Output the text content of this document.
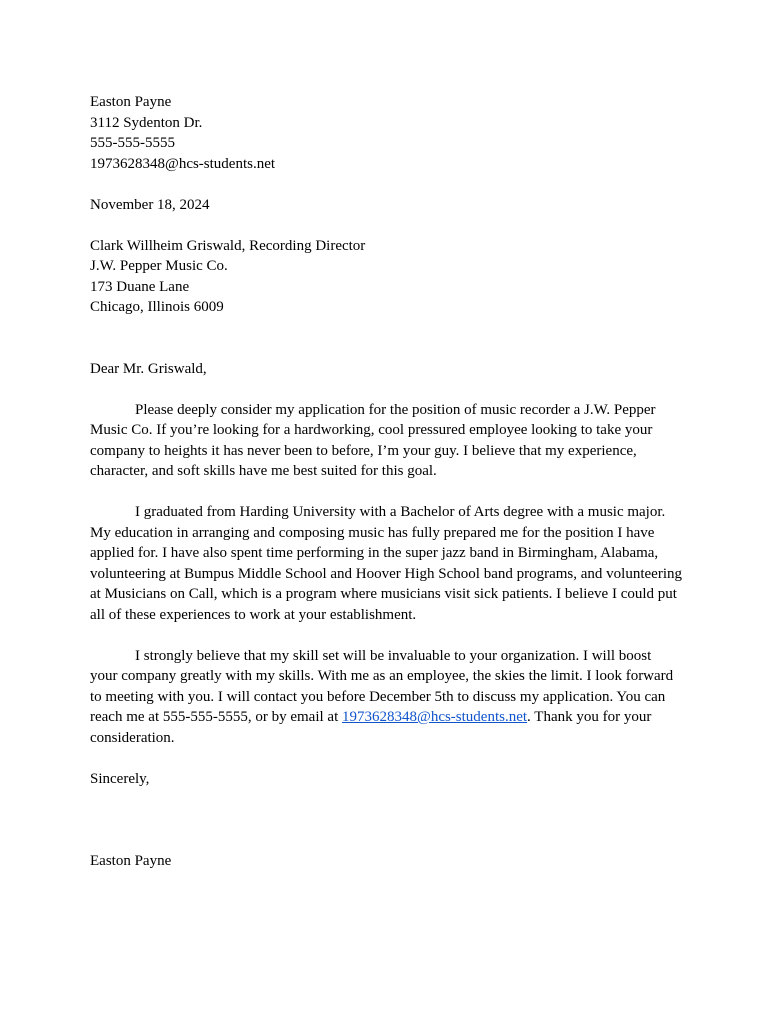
Easton Payne
3112 Sydenton Dr.
555-555-5555
1973628348@hcs-students.net
November 18, 2024
Clark Willheim Griswald, Recording Director
J.W. Pepper Music Co.
173 Duane Lane
Chicago, Illinois 6009
Dear Mr. Griswald,

Please deeply consider my application for the position of music recorder a J.W. Pepper Music Co. If you’re looking for a hardworking, cool pressured employee looking to take your company to heights it has never been to before, I’m your guy. I believe that my experience, character, and soft skills have me best suited for this goal.

I graduated from Harding University with a Bachelor of Arts degree with a music major. My education in arranging and composing music has fully prepared me for the position I have applied for. I have also spent time performing in the super jazz band in Birmingham, Alabama, volunteering at Bumpus Middle School and Hoover High School band programs, and volunteering at Musicians on Call, which is a program where musicians visit sick patients. I believe I could put all of these experiences to work at your establishment.

I strongly believe that my skill set will be invaluable to your organization. I will boost your company greatly with my skills. With me as an employee, the skies the limit. I look forward to meeting with you. I will contact you before December 5th to discuss my application. You can reach me at 555-555-5555, or by email at 1973628348@hcs-students.net. Thank you for your consideration.

Sincerely,
Easton Payne
